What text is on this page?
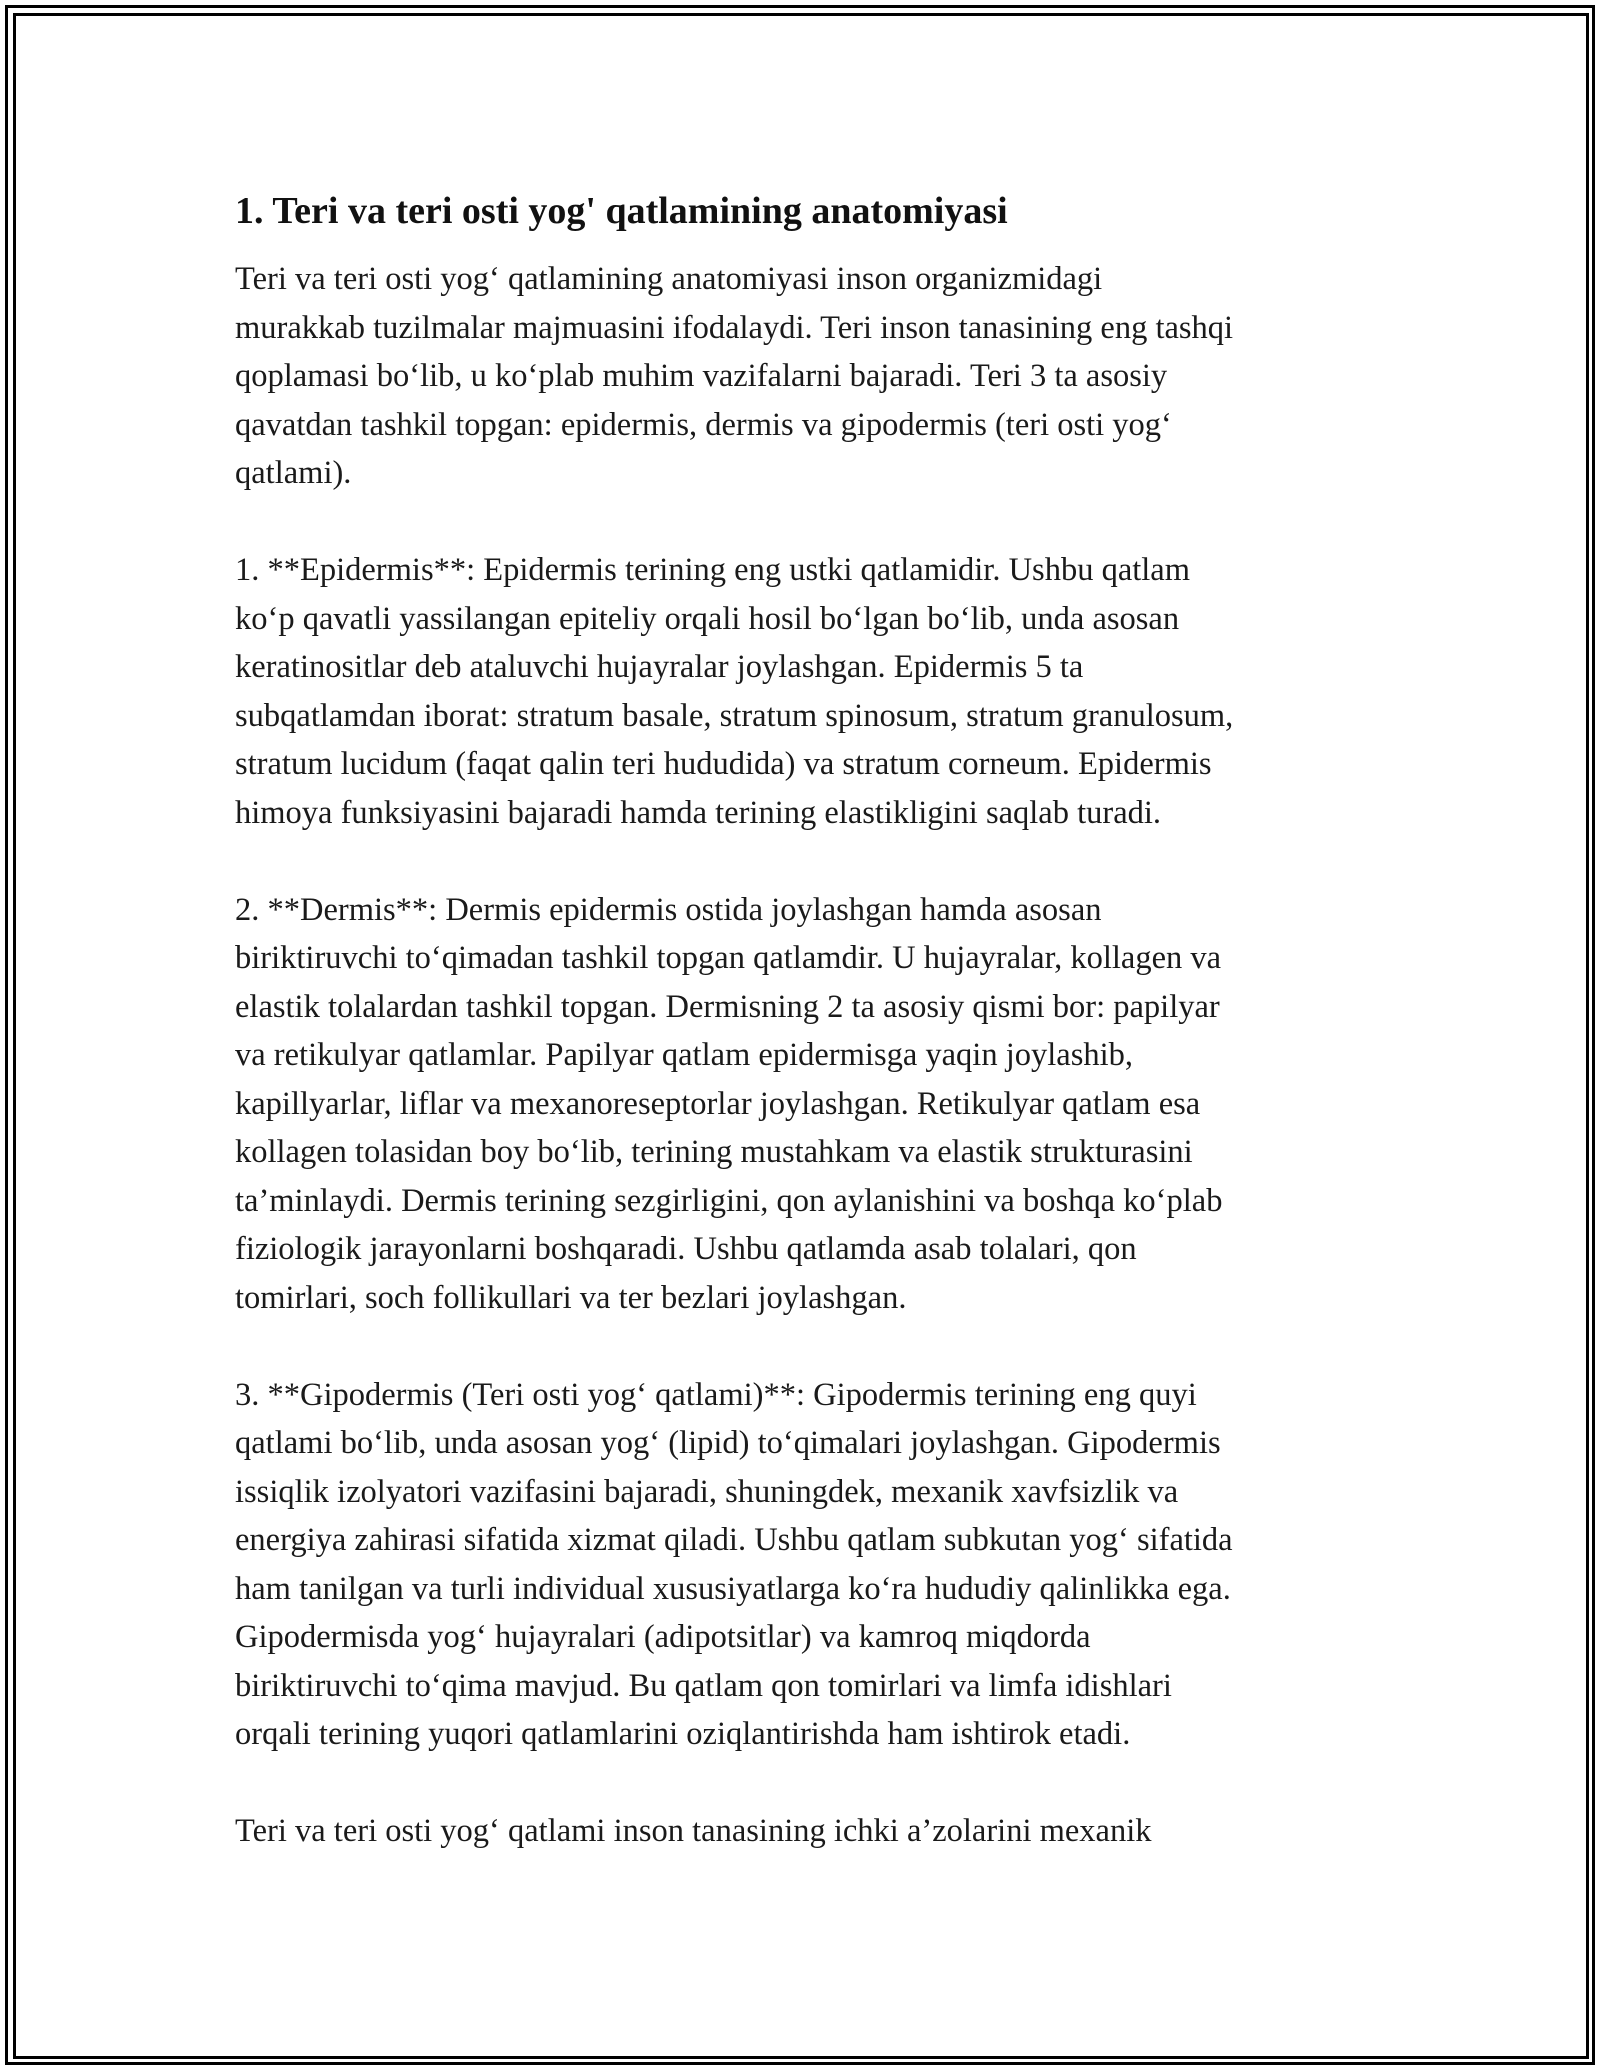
1. Teri va teri osti yog' qatlamining anatomiyasi
Teri va teri osti yog‘ qatlamining anatomiyasi inson organizmidagi
murakkab tuzilmalar majmuasini ifodalaydi. Teri inson tanasining eng tashqi
qoplamasi bo‘lib, u ko‘plab muhim vazifalarni bajaradi. Teri 3 ta asosiy
qavatdan tashkil topgan: epidermis, dermis va gipodermis (teri osti yog‘
qatlami).
1. **Epidermis**: Epidermis terining eng ustki qatlamidir. Ushbu qatlam
ko‘p qavatli yassilangan epiteliy orqali hosil bo‘lgan bo‘lib, unda asosan
keratinositlar deb ataluvchi hujayralar joylashgan. Epidermis 5 ta
subqatlamdan iborat: stratum basale, stratum spinosum, stratum granulosum,
stratum lucidum (faqat qalin teri hududida) va stratum corneum. Epidermis
himoya funksiyasini bajaradi hamda terining elastikligini saqlab turadi.
2. **Dermis**: Dermis epidermis ostida joylashgan hamda asosan
biriktiruvchi to‘qimadan tashkil topgan qatlamdir. U hujayralar, kollagen va
elastik tolalardan tashkil topgan. Dermisning 2 ta asosiy qismi bor: papilyar
va retikulyar qatlamlar. Papilyar qatlam epidermisga yaqin joylashib,
kapillyarlar, liflar va mexanoreseptorlar joylashgan. Retikulyar qatlam esa
kollagen tolasidan boy bo‘lib, terining mustahkam va elastik strukturasini
ta’minlaydi. Dermis terining sezgirligini, qon aylanishini va boshqa ko‘plab
fiziologik jarayonlarni boshqaradi. Ushbu qatlamda asab tolalari, qon
tomirlari, soch follikullari va ter bezlari joylashgan.
3. **Gipodermis (Teri osti yog‘ qatlami)**: Gipodermis terining eng quyi
qatlami bo‘lib, unda asosan yog‘ (lipid) to‘qimalari joylashgan. Gipodermis
issiqlik izolyatori vazifasini bajaradi, shuningdek, mexanik xavfsizlik va
energiya zahirasi sifatida xizmat qiladi. Ushbu qatlam subkutan yog‘ sifatida
ham tanilgan va turli individual xususiyatlarga ko‘ra hududiy qalinlikka ega.
Gipodermisda yog‘ hujayralari (adipotsitlar) va kamroq miqdorda
biriktiruvchi to‘qima mavjud. Bu qatlam qon tomirlari va limfa idishlari
orqali terining yuqori qatlamlarini oziqlantirishda ham ishtirok etadi.
Teri va teri osti yog‘ qatlami inson tanasining ichki a’zolarini mexanik
